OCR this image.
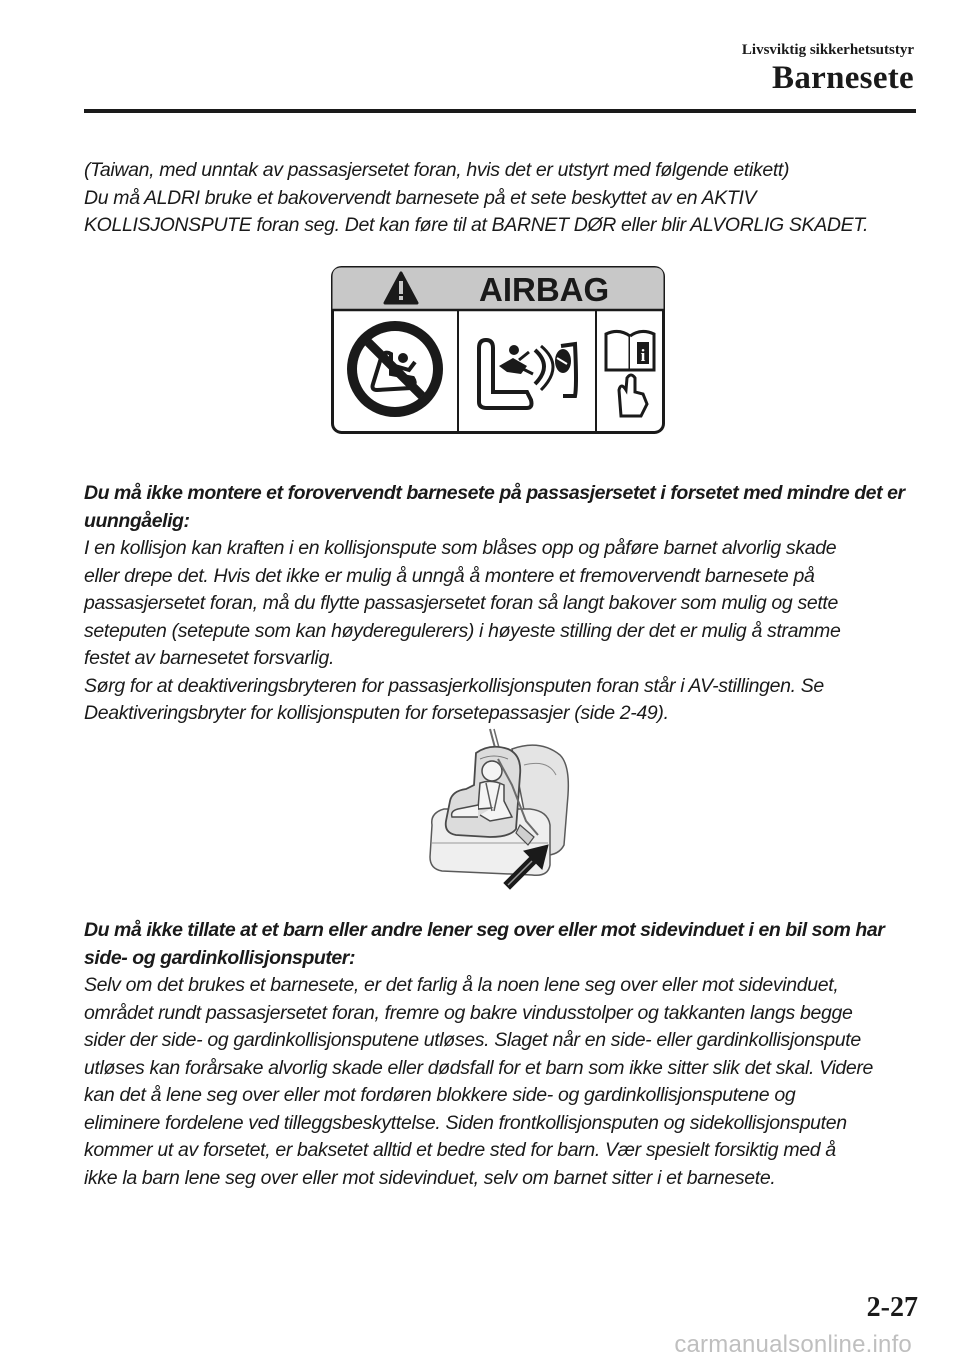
Livsviktig sikkerhetsutstyr
Barnesete

(Taiwan, med unntak av passasjersetet foran, hvis det er utstyrt med følgende etikett)

Du må ALDRI bruke et bakovervendt barnesete på et sete beskyttet av en AKTIV

KOLLISJONSPUTE foran seg. Det kan føre til at BARNET DØR eller blir ALVORLIG SKADET.

AIRBAG
i

Du må ikke montere et forovervendt barnesete på passasjersetet i forsetet med mindre det er

uunngåelig:

I en kollisjon kan kraften i en kollisjonspute som blåses opp og påføre barnet alvorlig skade

eller drepe det. Hvis det ikke er mulig å unngå å montere et fremovervendt barnesete på

passasjersetet foran, må du flytte passasjersetet foran så langt bakover som mulig og sette

seteputen (setepute som kan høyderegulerers) i høyeste stilling der det er mulig å stramme

festet av barnesetet forsvarlig.

Sørg for at deaktiveringsbryteren for passasjerkollisjonsputen foran står i AV-stillingen. Se

Deaktiveringsbryter for kollisjonsputen for forsetepassasjer (side 2-49).

Du må ikke tillate at et barn eller andre lener seg over eller mot sidevinduet i en bil som har

side- og gardinkollisjonsputer:

Selv om det brukes et barnesete, er det farlig å la noen lene seg over eller mot sidevinduet,

området rundt passasjersetet foran, fremre og bakre vindusstolper og takkanten langs begge

sider der side- og gardinkollisjonsputene utløses. Slaget når en side- eller gardinkollisjonspute

utløses kan forårsake alvorlig skade eller dødsfall for et barn som ikke sitter slik det skal. Videre

kan det å lene seg over eller mot fordøren blokkere side- og gardinkollisjonsputene og

eliminere fordelene ved tilleggsbeskyttelse. Siden frontkollisjonsputen og sidekollisjonsputen

kommer ut av forsetet, er baksetet alltid et bedre sted for barn. Vær spesielt forsiktig med å

ikke la barn lene seg over eller mot sidevinduet, selv om barnet sitter i et barnesete.

2-27
carmanualsonline.info
